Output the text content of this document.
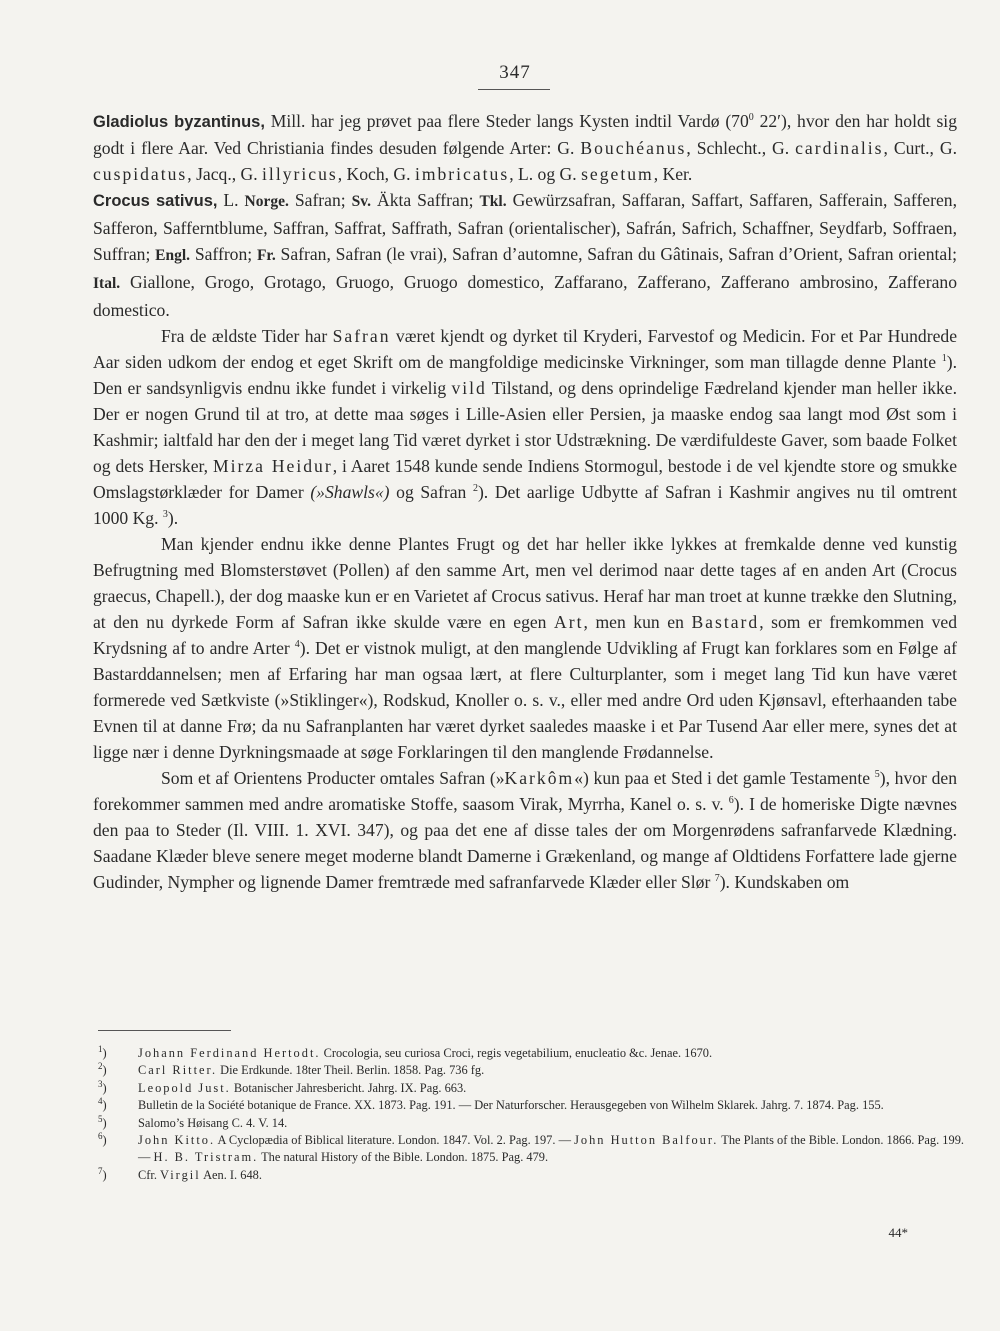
347

Gladiolus byzantinus, Mill. har jeg prøvet paa flere Steder langs Kysten indtil Vardø ($70^0$ 22′), hvor den har holdt sig godt i flere Aar. Ved Christiania findes desuden følgende Arter: G. Bouchéanus, Schlecht., G. cardinalis, Curt., G. cuspidatus, Jacq., G. illyricus, Koch, G. imbricatus, L. og G. segetum, Ker.

Crocus sativus, L. Norge. Safran; Sv. Äkta Saffran; Tkl. Gewürzsafran, Saffaran, Saffart, Saffaren, Safferain, Safferen, Safferon, Safferntblume, Saffran, Saffrat, Saffrath, Safran (orientalischer), Safrán, Safrich, Schaffner, Seydfarb, Soffraen, Suffran; Engl. Saffron; Fr. Safran, Safran (le vrai), Safran d’automne, Safran du Gâtinais, Safran d’Orient, Safran oriental; Ital. Giallone, Grogo, Grotago, Gruogo, Gruogo domestico, Zaffarano, Zafferano, Zafferano ambrosino, Zafferano domestico.

Fra de ældste Tider har Safran været kjendt og dyrket til Kryderi, Farvestof og Medicin. For et Par Hundrede Aar siden udkom der endog et eget Skrift om de mangfoldige medicinske Virkninger, som man tillagde denne Plante $^1$). Den er sandsynligvis endnu ikke fundet i virkelig vild Tilstand, og dens oprindelige Fædreland kjender man heller ikke. Der er nogen Grund til at tro, at dette maa søges i Lille-Asien eller Persien, ja maaske endog saa langt mod Øst som i Kashmir; ialtfald har den der i meget lang Tid været dyrket i stor Udstrækning. De værdifuldeste Gaver, som baade Folket og dets Hersker, Mirza Heidur, i Aaret 1548 kunde sende Indiens Stormogul, bestode i de vel kjendte store og smukke Omslagstørklæder for Damer (»Shawls«) og Safran $^2$). Det aarlige Udbytte af Safran i Kashmir angives nu til omtrent 1000 Kg. $^3$).

Man kjender endnu ikke denne Plantes Frugt og det har heller ikke lykkes at fremkalde denne ved kunstig Befrugtning med Blomsterstøvet (Pollen) af den samme Art, men vel derimod naar dette tages af en anden Art (Crocus graecus, Chapell.), der dog maaske kun er en Varietet af Crocus sativus. Heraf har man troet at kunne trække den Slutning, at den nu dyrkede Form af Safran ikke skulde være en egen Art, men kun en Bastard, som er fremkommen ved Krydsning af to andre Arter $^4$). Det er vistnok muligt, at den manglende Udvikling af Frugt kan forklares som en Følge af Bastarddannelsen; men af Erfaring har man ogsaa lært, at flere Culturplanter, som i meget lang Tid kun have været formerede ved Sætkviste (»Stiklinger«), Rodskud, Knoller o. s. v., eller med andre Ord uden Kjønsavl, efterhaanden tabe Evnen til at danne Frø; da nu Safranplanten har været dyrket saaledes maaske i et Par Tusend Aar eller mere, synes det at ligge nær i denne Dyrkningsmaade at søge Forklaringen til den manglende Frødannelse.

Som et af Orientens Producter omtales Safran (»Karkôm«) kun paa et Sted i det gamle Testamente $^5$), hvor den forekommer sammen med andre aromatiske Stoffe, saasom Virak, Myrrha, Kanel o. s. v. $^6$). I de homeriske Digte nævnes den paa to Steder (Il. VIII. 1. XVI. 347), og paa det ene af disse tales der om Morgenrødens safranfarvede Klædning. Saadane Klæder bleve senere meget moderne blandt Damerne i Grækenland, og mange af Oldtidens Forfattere lade gjerne Gudinder, Nympher og lignende Damer fremtræde med safranfarvede Klæder eller Slør $^7$). Kundskaben om

$^1$)	Johann Ferdinand Hertodt. Crocologia, seu curiosa Croci, regis vegetabilium, enucleatio &c. Jenae. 1670.
$^2$)	Carl Ritter. Die Erdkunde. 18ter Theil. Berlin. 1858. Pag. 736 fg.
$^3$)	Leopold Just. Botanischer Jahresbericht. Jahrg. IX. Pag. 663.
$^4$)	Bulletin de la Société botanique de France. XX. 1873. Pag. 191. — Der Naturforscher. Herausgegeben von Wilhelm Sklarek. Jahrg. 7. 1874. Pag. 155.
$^5$)	Salomo’s Høisang C. 4. V. 14.
$^6$)	John Kitto. A Cyclopædia of Biblical literature. London. 1847. Vol. 2. Pag. 197. — John Hutton Balfour. The Plants of the Bible. London. 1866. Pag. 199. — H. B. Tristram. The natural History of the Bible. London. 1875. Pag. 479.
$^7$)	Cfr. Virgil Aen. I. 648.
44*
